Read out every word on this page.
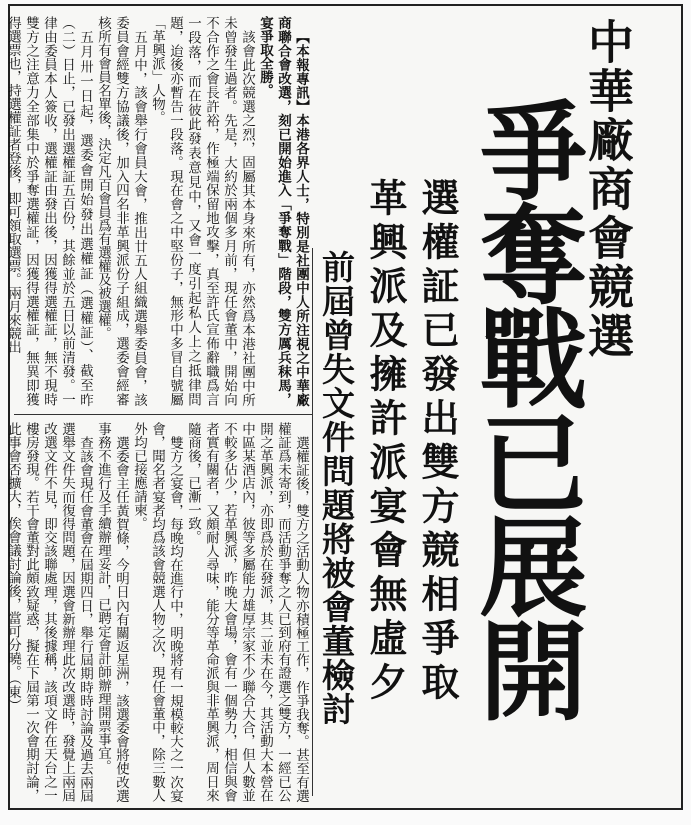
中華廠商會競選
爭奪戰已展開
選權証已發出雙方競相爭取
革興派及擁許派宴會無虛夕
前屆曾失文件問題將被會董檢討

【本報專訊】本港各界人士，特別是社團中人所注視之中華廠商聯合會改選，刻已開始進入「爭奪戰」階段，雙方厲兵秣馬，宴爭取全勝。

該會此次競選之烈，固屬其本身來所有，亦然爲本港社團中所未曾發生過者。先是，大約於兩個多月前，現任會董中，開始向不合作之會長許裕，作極端保留地攻擊，真至許氏宣佈辭職爲言一段落，而在彼此發表意見中，又會一度引起私人上之抵律問題，迨後亦暫告一段落。現在會之中堅份子，無形中多冒自號屬「革興派」人物。

五月中，該會舉行會員大會，推出廿五人組織選舉委員會，該委員會經雙方協議後，加入四名非革興派份子組成，選委會經審核所有會員名單後，決定凡百會員爲有選權及被選權。

五月卅一日起，選委會開始發出選權証（選權証）、截至昨（二）日止，已發出選權証五百份，其餘並於五日以前清發。一律由委員本人簽收，選權証由發出後，因獲得選權証，無不現時雙方之注意力全部集中於爭奪選權証，因獲得選權証，無異即獲得選票也，持選權証者登後，即可領取選票。兩月來競出

選權証後，雙方之活動人物亦積極工作，作爭我奪。甚至有選權証爲未寄到，而活動爭奪之人已到府有證選之雙方，一經已公開之革興派，亦即爲於在發派，其二並未在今，其活動大本營在中區某酒店內，彼等多屬能力雄厚宗家不少聯合大合，但人數並不較多佔少，若革興派，昨晚大會場，會有一個勢力，相信與會者實有關者，又頗耐人尋味，能分等革命派與非革興派，周日來隨商後，已漸一致。

雙方之宴會，每晚均在進行中，明晚將有一規模較大之一次宴會，聞名者宴者均爲該會競選人物之次，現任會董中，除三數人外均已接應請柬。

選委會主任黃賀條，今明日內有關返星洲，該選委會將使改選事務不進行及手續辦理妥計，已聘定會計師辦理開票事宜。

查該會現任會董會在屆期四日，舉行屆期時時討論及過去兩屆選舉文件失而復得問題，因選會新辦理此次改選時，發覺上兩屆改選文件不見，即交該聯處理，其後據稱，該項文件在天台之一樓房發現。若干會董對此頗致疑惑，擬在下屆第一次會期討論，此事會否擴大，俟會議討論後，當可分曉。（東）
